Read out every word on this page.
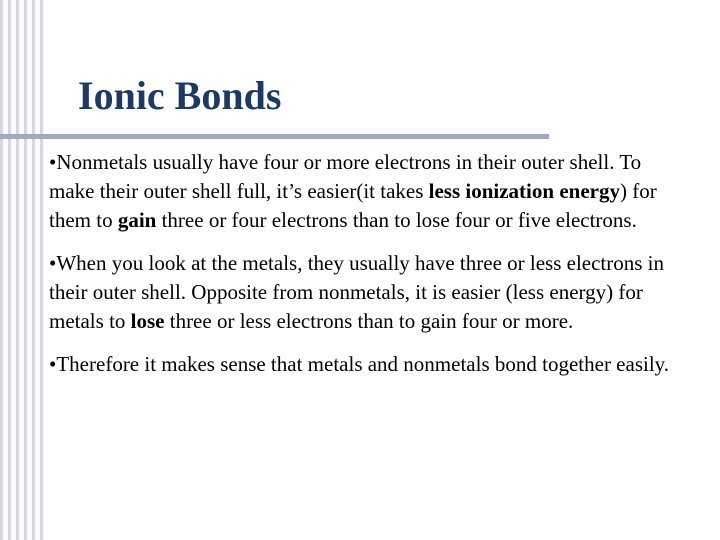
Ionic Bonds

•Nonmetals usually have four or more electrons in their outer shell. To make their outer shell full, it’s easier(it takes less ionization energy) for them to gain three or four electrons than to lose four or five electrons.

•When you look at the metals, they usually have three or less electrons in their outer shell. Opposite from nonmetals, it is easier (less energy) for metals to lose three or less electrons than to gain four or more.

•Therefore it makes sense that metals and nonmetals bond together easily.
